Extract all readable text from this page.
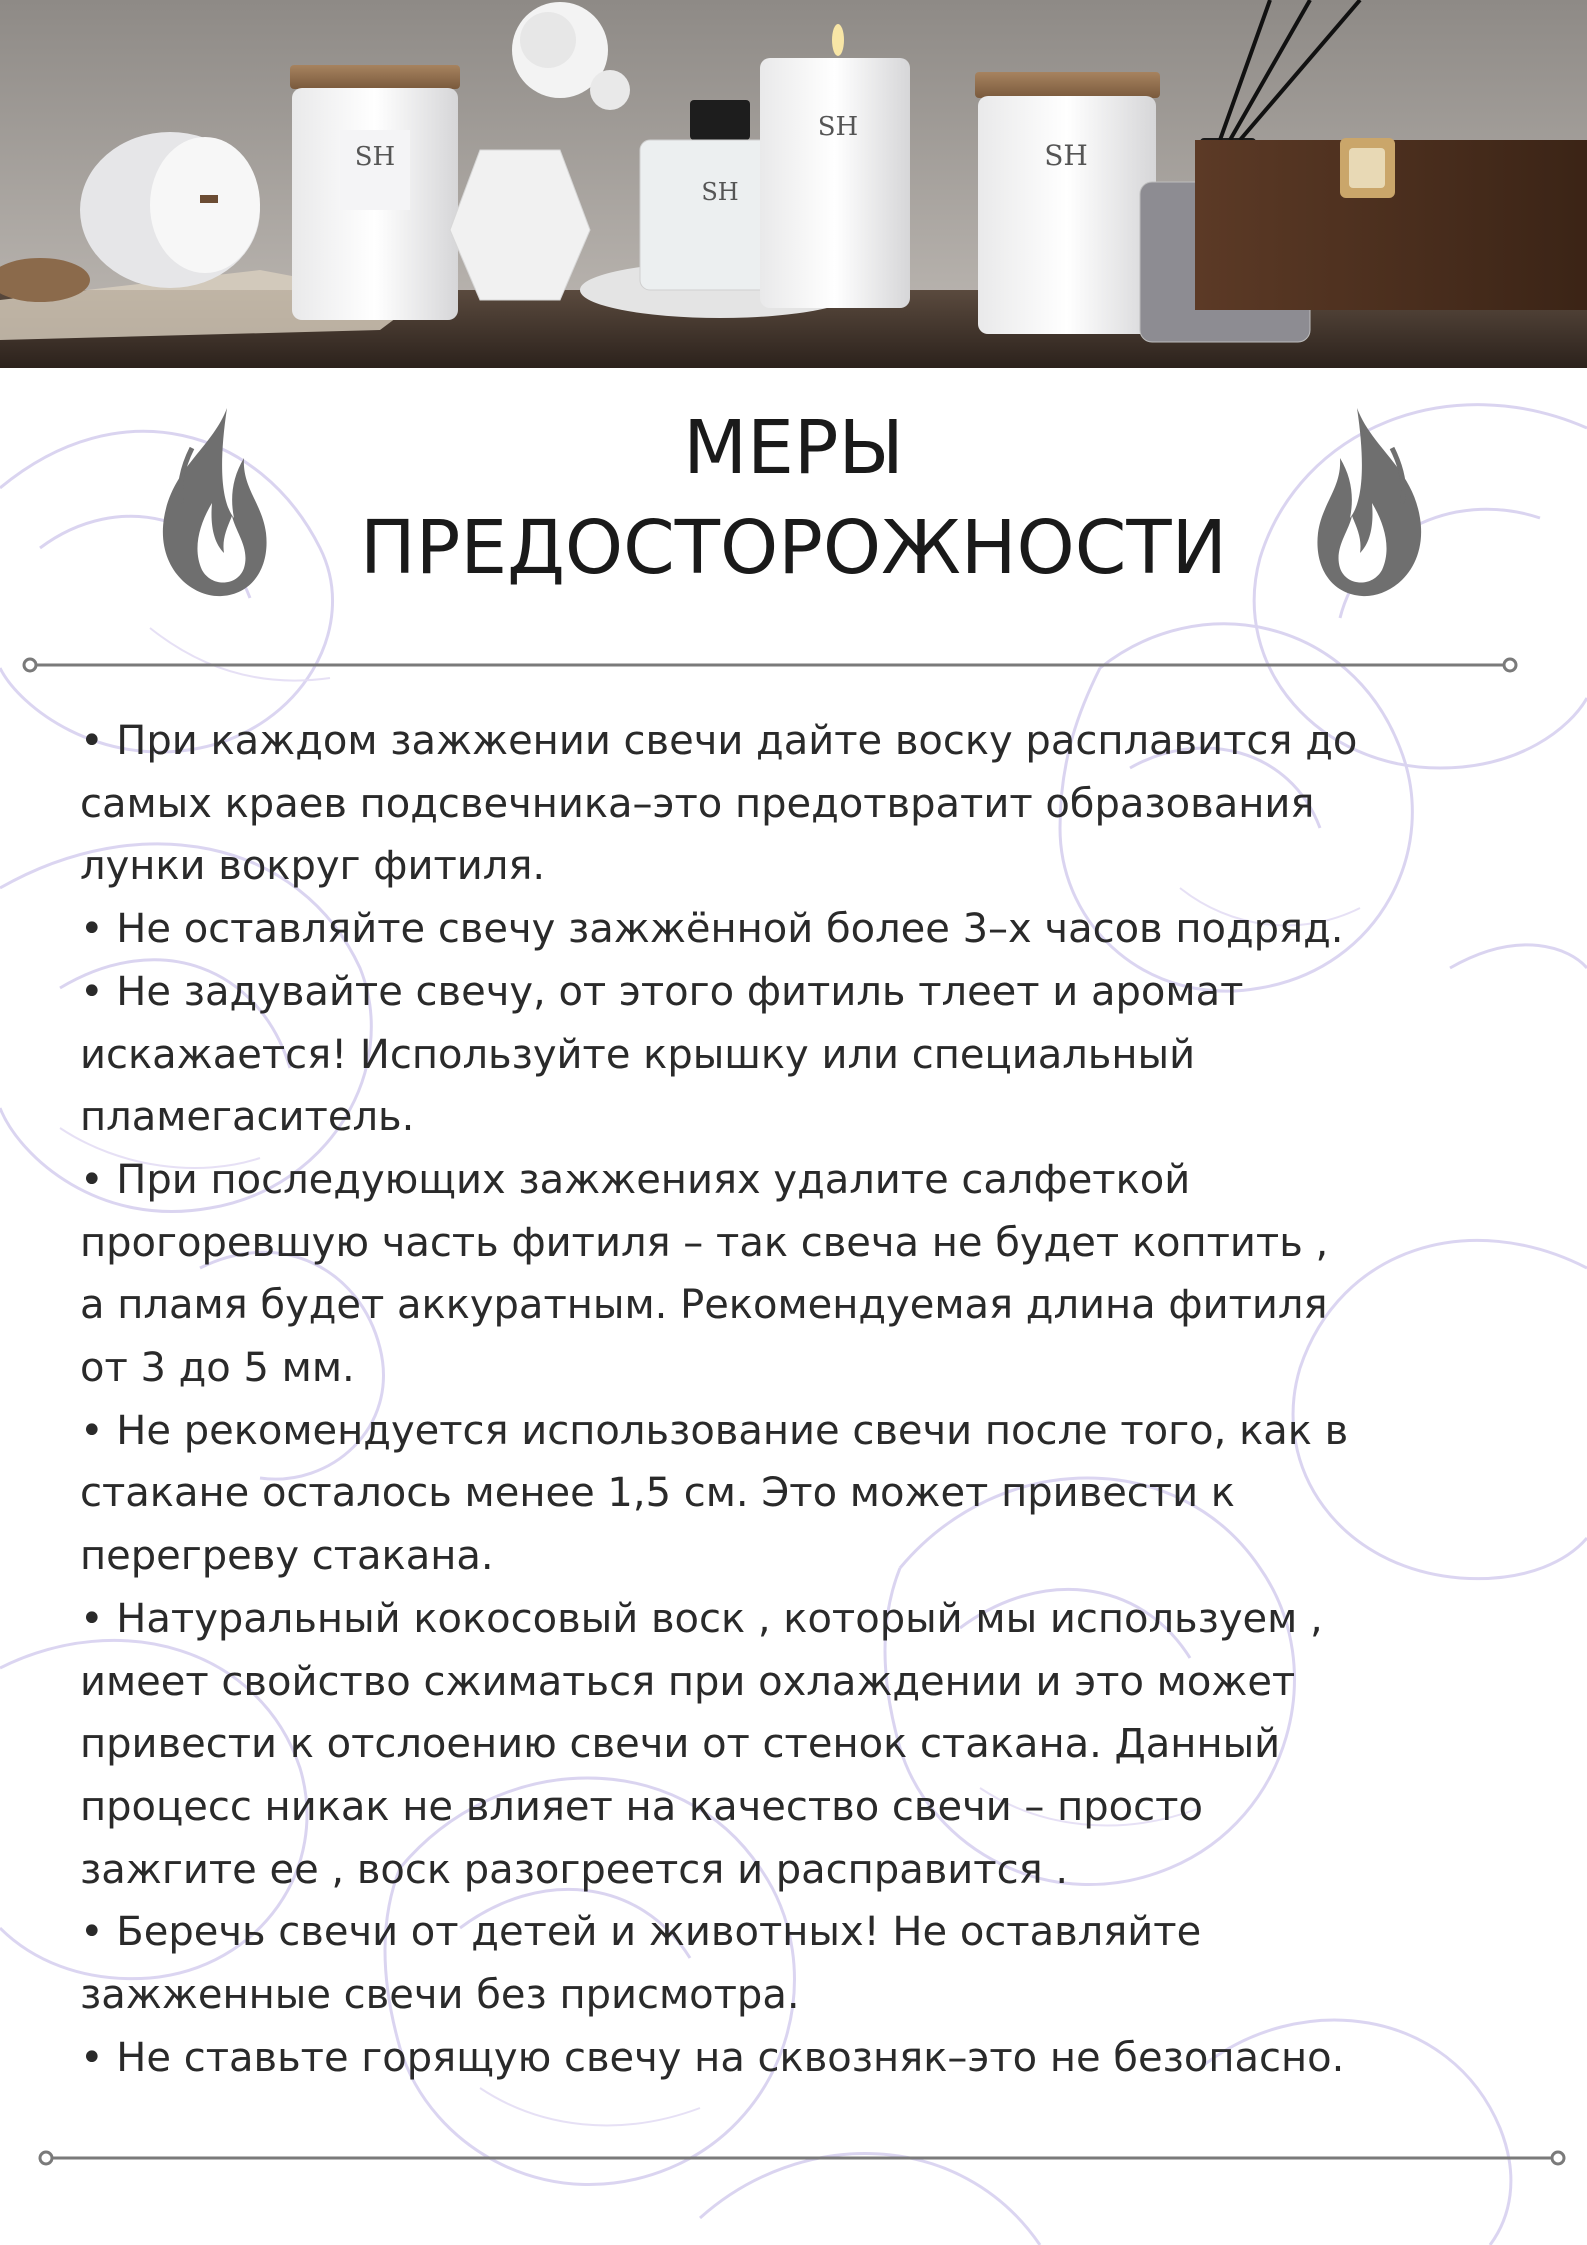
SH
SH
SH
SH
МЕРЫ
ПРЕДОСТОРОЖНОСТИ

• При каждом зажжении свечи дайте воску расплавится до

самых краев подсвечника–это предотвратит образования

лунки вокруг фитиля.

• Не оставляйте свечу зажжённой более 3–х часов подряд.

• Не задувайте свечу, от этого фитиль тлеет и аромат

искажается! Используйте крышку или специальный

пламегаситель.

• При последующих зажжениях удалите салфеткой

прогоревшую часть фитиля – так свеча не будет коптить ,

а пламя будет аккуратным. Рекомендуемая длина фитиля

от 3 до 5 мм.

• Не рекомендуется использование свечи после того, как в

стакане осталось менее 1,5 см. Это может привести к

перегреву стакана.

• Натуральный кокосовый воск , который мы используем ,

имеет свойство сжиматься при охлаждении и это может

привести к отслоению свечи от стенок стакана. Данный

процесс никак не влияет на качество свечи – просто

зажгите ее , воск разогреется и расправится .

• Беречь свечи от детей и животных! Не оставляйте

зажженные свечи без присмотра.

• Не ставьте горящую свечу на сквозняк–это не безопасно.
